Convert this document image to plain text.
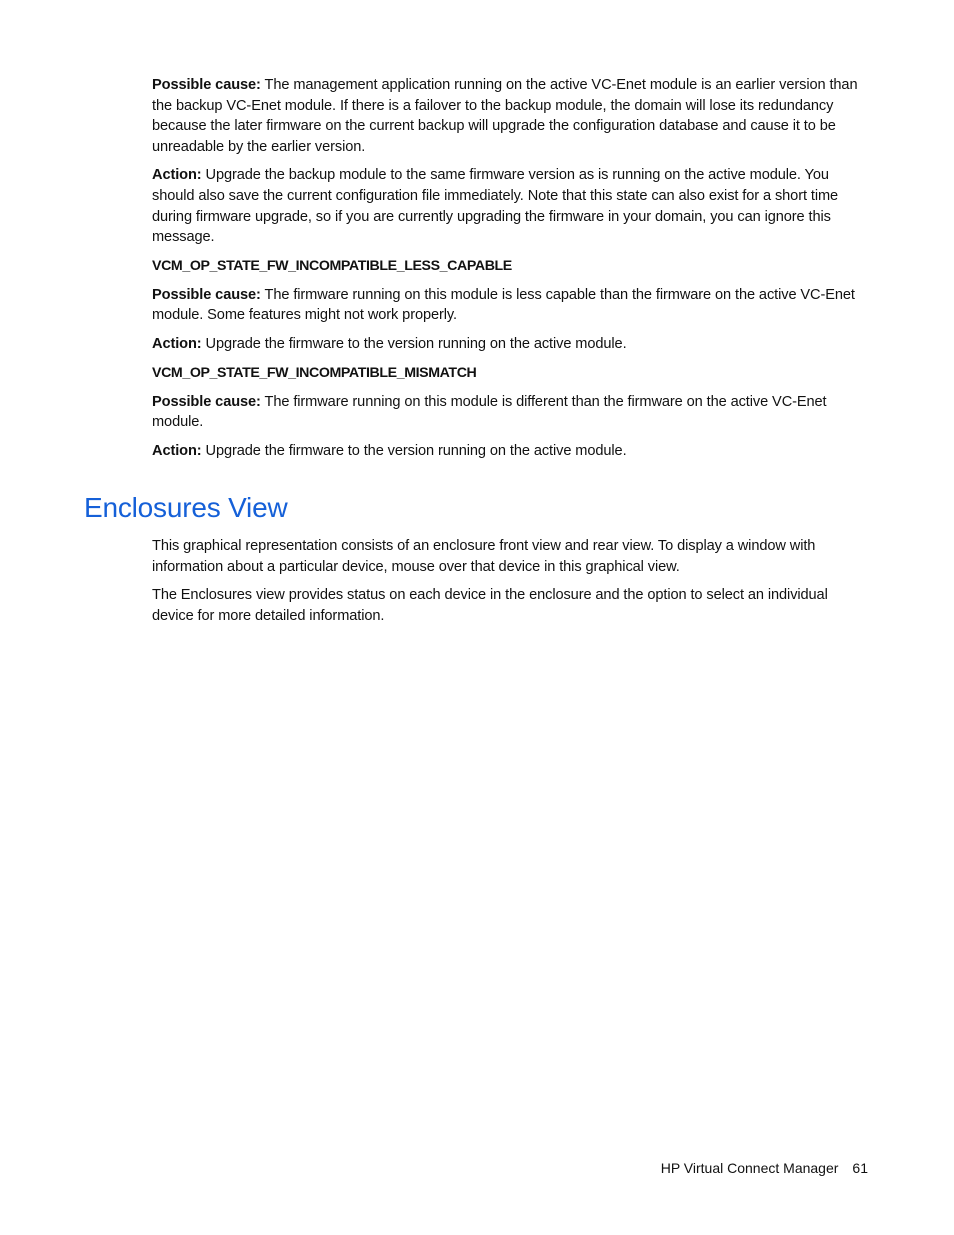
Possible cause: The management application running on the active VC-Enet module is an earlier version than the backup VC-Enet module. If there is a failover to the backup module, the domain will lose its redundancy because the later firmware on the current backup will upgrade the configuration database and cause it to be unreadable by the earlier version.

Action: Upgrade the backup module to the same firmware version as is running on the active module. You should also save the current configuration file immediately. Note that this state can also exist for a short time during firmware upgrade, so if you are currently upgrading the firmware in your domain, you can ignore this message.

VCM_OP_STATE_FW_INCOMPATIBLE_LESS_CAPABLE

Possible cause: The firmware running on this module is less capable than the firmware on the active VC-Enet module. Some features might not work properly.

Action: Upgrade the firmware to the version running on the active module.

VCM_OP_STATE_FW_INCOMPATIBLE_MISMATCH

Possible cause: The firmware running on this module is different than the firmware on the active VC-Enet module.

Action: Upgrade the firmware to the version running on the active module.

Enclosures View

This graphical representation consists of an enclosure front view and rear view. To display a window with information about a particular device, mouse over that device in this graphical view.

The Enclosures view provides status on each device in the enclosure and the option to select an individual device for more detailed information.

HP Virtual Connect Manager 61
